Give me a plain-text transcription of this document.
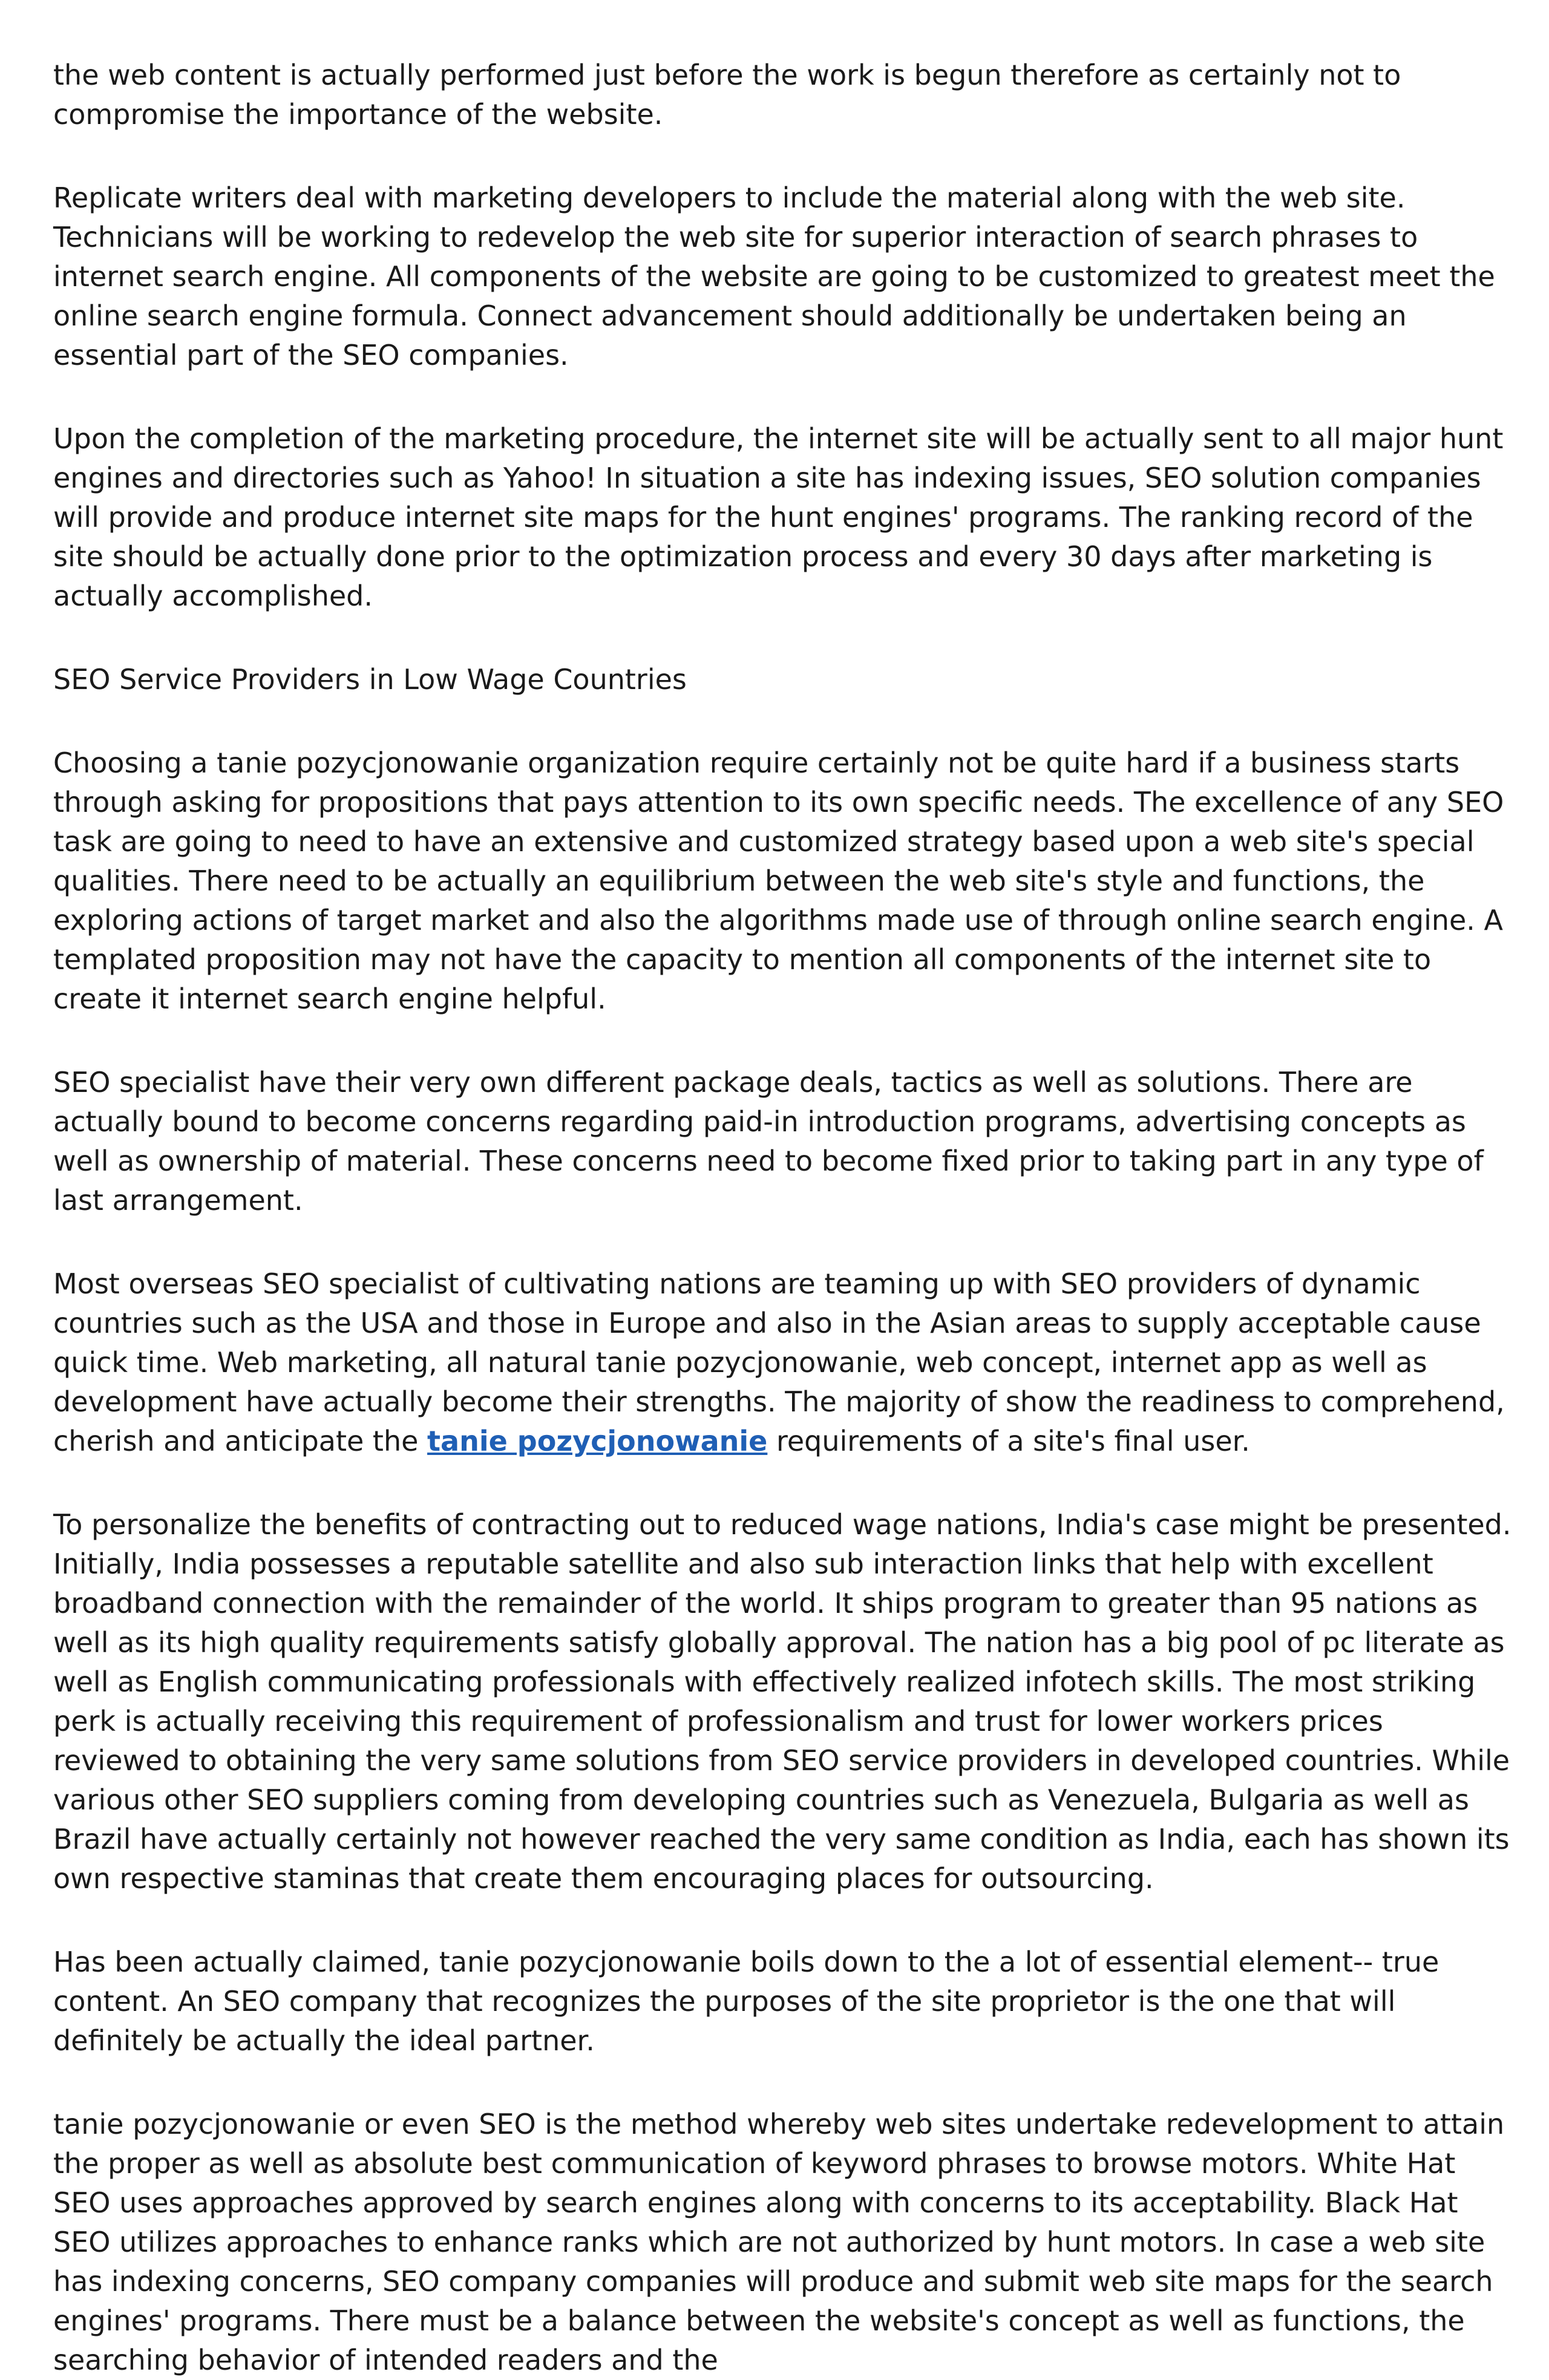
the web content is actually performed just before the work is begun therefore as certainly not to compromise the importance of the website.

Replicate writers deal with marketing developers to include the material along with the web site. Technicians will be working to redevelop the web site for superior interaction of search phrases to internet search engine. All components of the website are going to be customized to greatest meet the online search engine formula. Connect advancement should additionally be undertaken being an essential part of the SEO companies.

Upon the completion of the marketing procedure, the internet site will be actually sent to all major hunt engines and directories such as Yahoo! In situation a site has indexing issues, SEO solution companies will provide and produce internet site maps for the hunt engines' programs. The ranking record of the site should be actually done prior to the optimization process and every 30 days after marketing is actually accomplished.

SEO Service Providers in Low Wage Countries

Choosing a tanie pozycjonowanie organization require certainly not be quite hard if a business starts through asking for propositions that pays attention to its own specific needs. The excellence of any SEO task are going to need to have an extensive and customized strategy based upon a web site's special qualities. There need to be actually an equilibrium between the web site's style and functions, the exploring actions of target market and also the algorithms made use of through online search engine. A templated proposition may not have the capacity to mention all components of the internet site to create it internet search engine helpful.

SEO specialist have their very own different package deals, tactics as well as solutions. There are actually bound to become concerns regarding paid-in introduction programs, advertising concepts as well as ownership of material. These concerns need to become fixed prior to taking part in any type of last arrangement.

Most overseas SEO specialist of cultivating nations are teaming up with SEO providers of dynamic countries such as the USA and those in Europe and also in the Asian areas to supply acceptable cause quick time. Web marketing, all natural tanie pozycjonowanie, web concept, internet app as well as development have actually become their strengths. The majority of show the readiness to comprehend, cherish and anticipate the tanie pozycjonowanie requirements of a site's final user.

To personalize the benefits of contracting out to reduced wage nations, India's case might be presented. Initially, India possesses a reputable satellite and also sub interaction links that help with excellent broadband connection with the remainder of the world. It ships program to greater than 95 nations as well as its high quality requirements satisfy globally approval. The nation has a big pool of pc literate as well as English communicating professionals with effectively realized infotech skills. The most striking perk is actually receiving this requirement of professionalism and trust for lower workers prices reviewed to obtaining the very same solutions from SEO service providers in developed countries. While various other SEO suppliers coming from developing countries such as Venezuela, Bulgaria as well as Brazil have actually certainly not however reached the very same condition as India, each has shown its own respective staminas that create them encouraging places for outsourcing.

Has been actually claimed, tanie pozycjonowanie boils down to the a lot of essential element-- true content. An SEO company that recognizes the purposes of the site proprietor is the one that will definitely be actually the ideal partner.

tanie pozycjonowanie or even SEO is the method whereby web sites undertake redevelopment to attain the proper as well as absolute best communication of keyword phrases to browse motors. White Hat SEO uses approaches approved by search engines along with concerns to its acceptability. Black Hat SEO utilizes approaches to enhance ranks which are not authorized by hunt motors. In case a web site has indexing concerns, SEO company companies will produce and submit web site maps for the search engines' programs. There must be a balance between the website's concept as well as functions, the searching behavior of intended readers and the
